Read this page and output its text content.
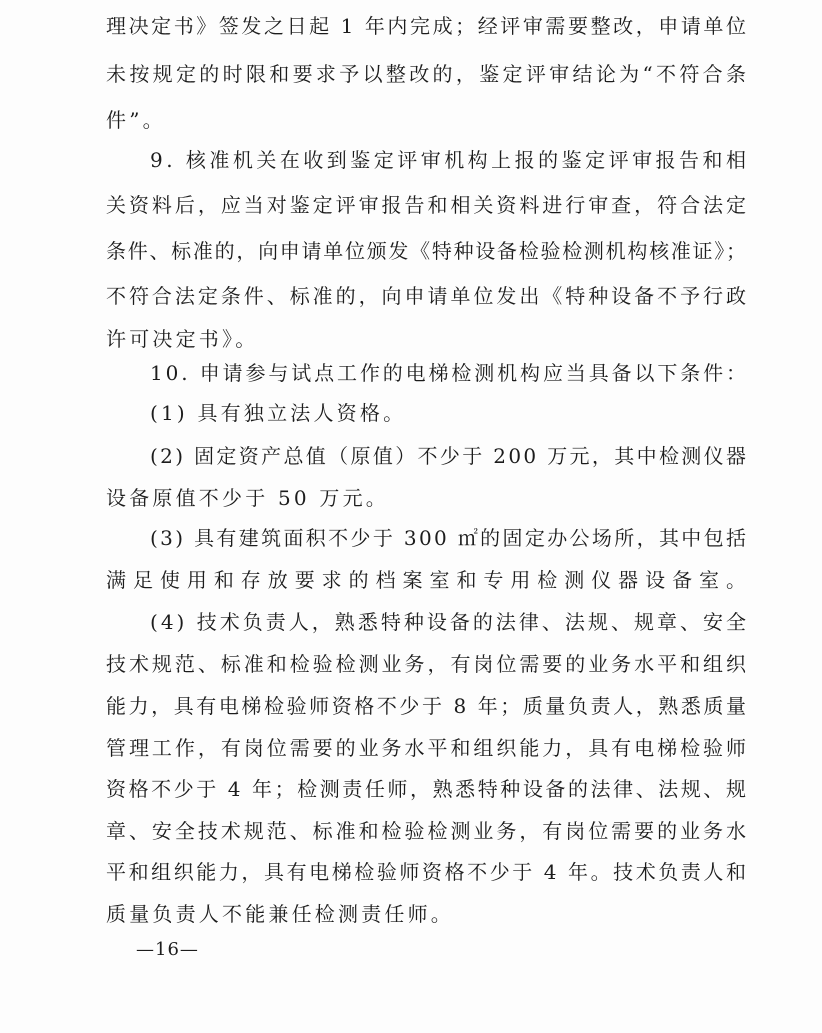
理决定书》签发之日起 1 年内完成；经评审需要整改，申请单位
未按规定的时限和要求予以整改的，鉴定评审结论为“不符合条
件”。
9. 核准机关在收到鉴定评审机构上报的鉴定评审报告和相
关资料后，应当对鉴定评审报告和相关资料进行审查，符合法定
条件、标准的，向申请单位颁发《特种设备检验检测机构核准证》；
不符合法定条件、标准的，向申请单位发出《特种设备不予行政
许可决定书》。
10. 申请参与试点工作的电梯检测机构应当具备以下条件：
(1) 具有独立法人资格。
(2) 固定资产总值（原值）不少于 200 万元，其中检测仪器
设备原值不少于 50 万元。
(3) 具有建筑面积不少于 300 ㎡的固定办公场所，其中包括
满足使用和存放要求的档案室和专用检测仪器设备室。
(4) 技术负责人，熟悉特种设备的法律、法规、规章、安全
技术规范、标准和检验检测业务，有岗位需要的业务水平和组织
能力，具有电梯检验师资格不少于 8 年；质量负责人，熟悉质量
管理工作，有岗位需要的业务水平和组织能力，具有电梯检验师
资格不少于 4 年；检测责任师，熟悉特种设备的法律、法规、规
章、安全技术规范、标准和检验检测业务，有岗位需要的业务水
平和组织能力，具有电梯检验师资格不少于 4 年。技术负责人和
质量负责人不能兼任检测责任师。
—16—
